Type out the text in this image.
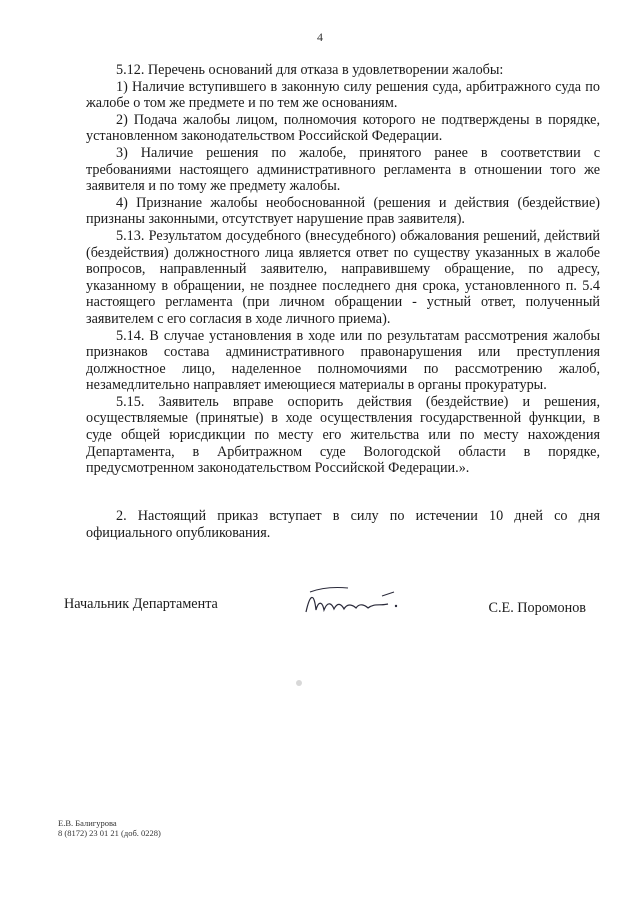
4

5.12. Перечень оснований для отказа в удовлетворении жалобы:

1) Наличие вступившего в законную силу решения суда, арбитражного суда по жалобе о том же предмете и по тем же основаниям.

2) Подача жалобы лицом, полномочия которого не подтверждены в порядке, установленном законодательством Российской Федерации.

3) Наличие решения по жалобе, принятого ранее в соответствии с требованиями настоящего административного регламента в отношении того же заявителя и по тому же предмету жалобы.

4) Признание жалобы необоснованной (решения и действия (бездействие) признаны законными, отсутствует нарушение прав заявителя).

5.13. Результатом досудебного (внесудебного) обжалования решений, действий (бездействия) должностного лица является ответ по существу указанных в жалобе вопросов, направленный заявителю, направившему обращение, по адресу, указанному в обращении, не позднее последнего дня срока, установленного п. 5.4 настоящего регламента (при личном обращении - устный ответ, полученный заявителем с его согласия в ходе личного приема).

5.14. В случае установления в ходе или по результатам рассмотрения жалобы признаков состава административного правонарушения или преступления должностное лицо, наделенное полномочиями по рассмотрению жалоб, незамедлительно направляет имеющиеся материалы в органы прокуратуры.

5.15. Заявитель вправе оспорить действия (бездействие) и решения, осуществляемые (принятые) в ходе осуществления государственной функции, в суде общей юрисдикции по месту его жительства или по месту нахождения Департамента, в Арбитражном суде Вологодской области в порядке, предусмотренном законодательством Российской Федерации.».

2. Настоящий приказ вступает в силу по истечении 10 дней со дня официального опубликования.

Начальник Департамента	С.Е. Поромонов
Е.В. Балигурова
8 (8172) 23 01 21 (доб. 0228)
